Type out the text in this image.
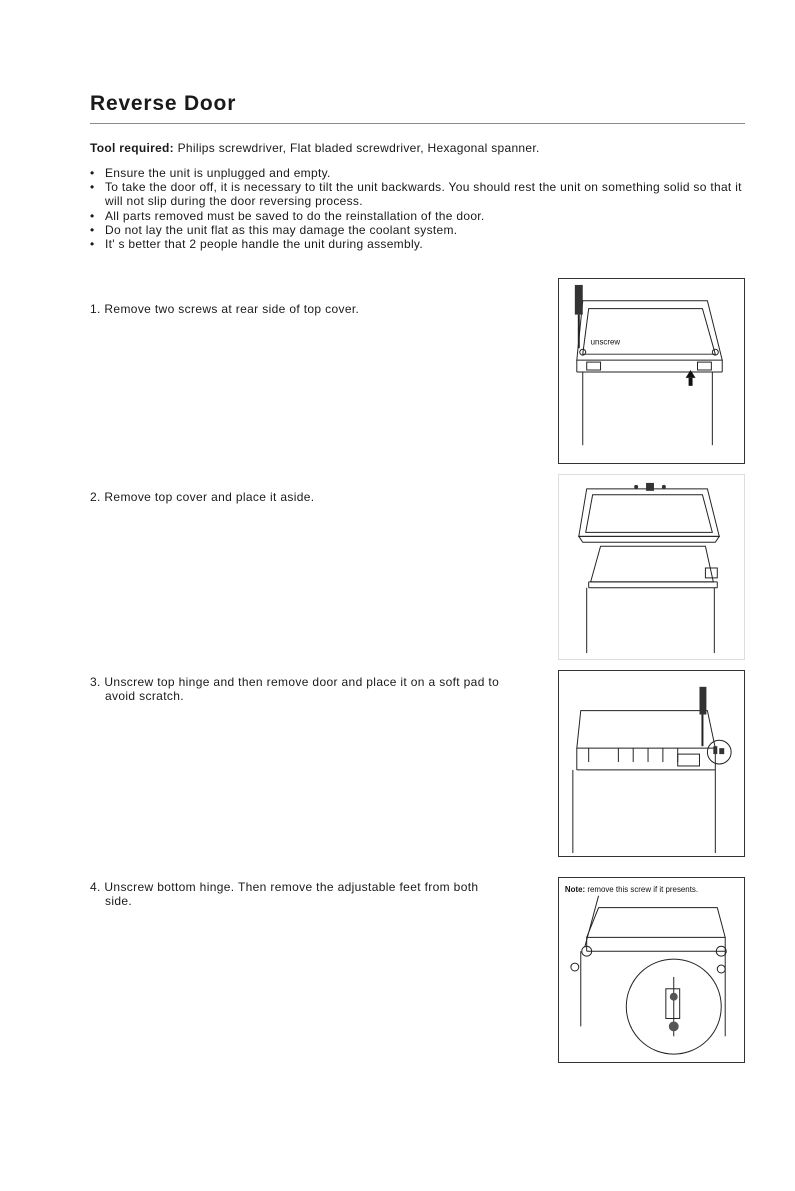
Reverse Door
Tool required: Philips screwdriver, Flat bladed screwdriver, Hexagonal spanner.
• Ensure the unit is unplugged and empty.
• To take the door off, it is necessary to tilt the unit backwards. You should rest the unit on something solid so that it will not slip during the door reversing process.
• All parts removed must be saved to do the reinstallation of the door.
• Do not lay the unit flat as this may damage the coolant system.
• It' s better that 2 people handle the unit during assembly.
1. Remove two screws at rear side of top cover.
2. Remove top cover and place it aside.
3. Unscrew top hinge and then remove door and place it on a soft pad to
avoid scratch.
4. Unscrew bottom hinge. Then remove the adjustable feet from both
side.
unscrew
Note: remove this screw if it presents.
